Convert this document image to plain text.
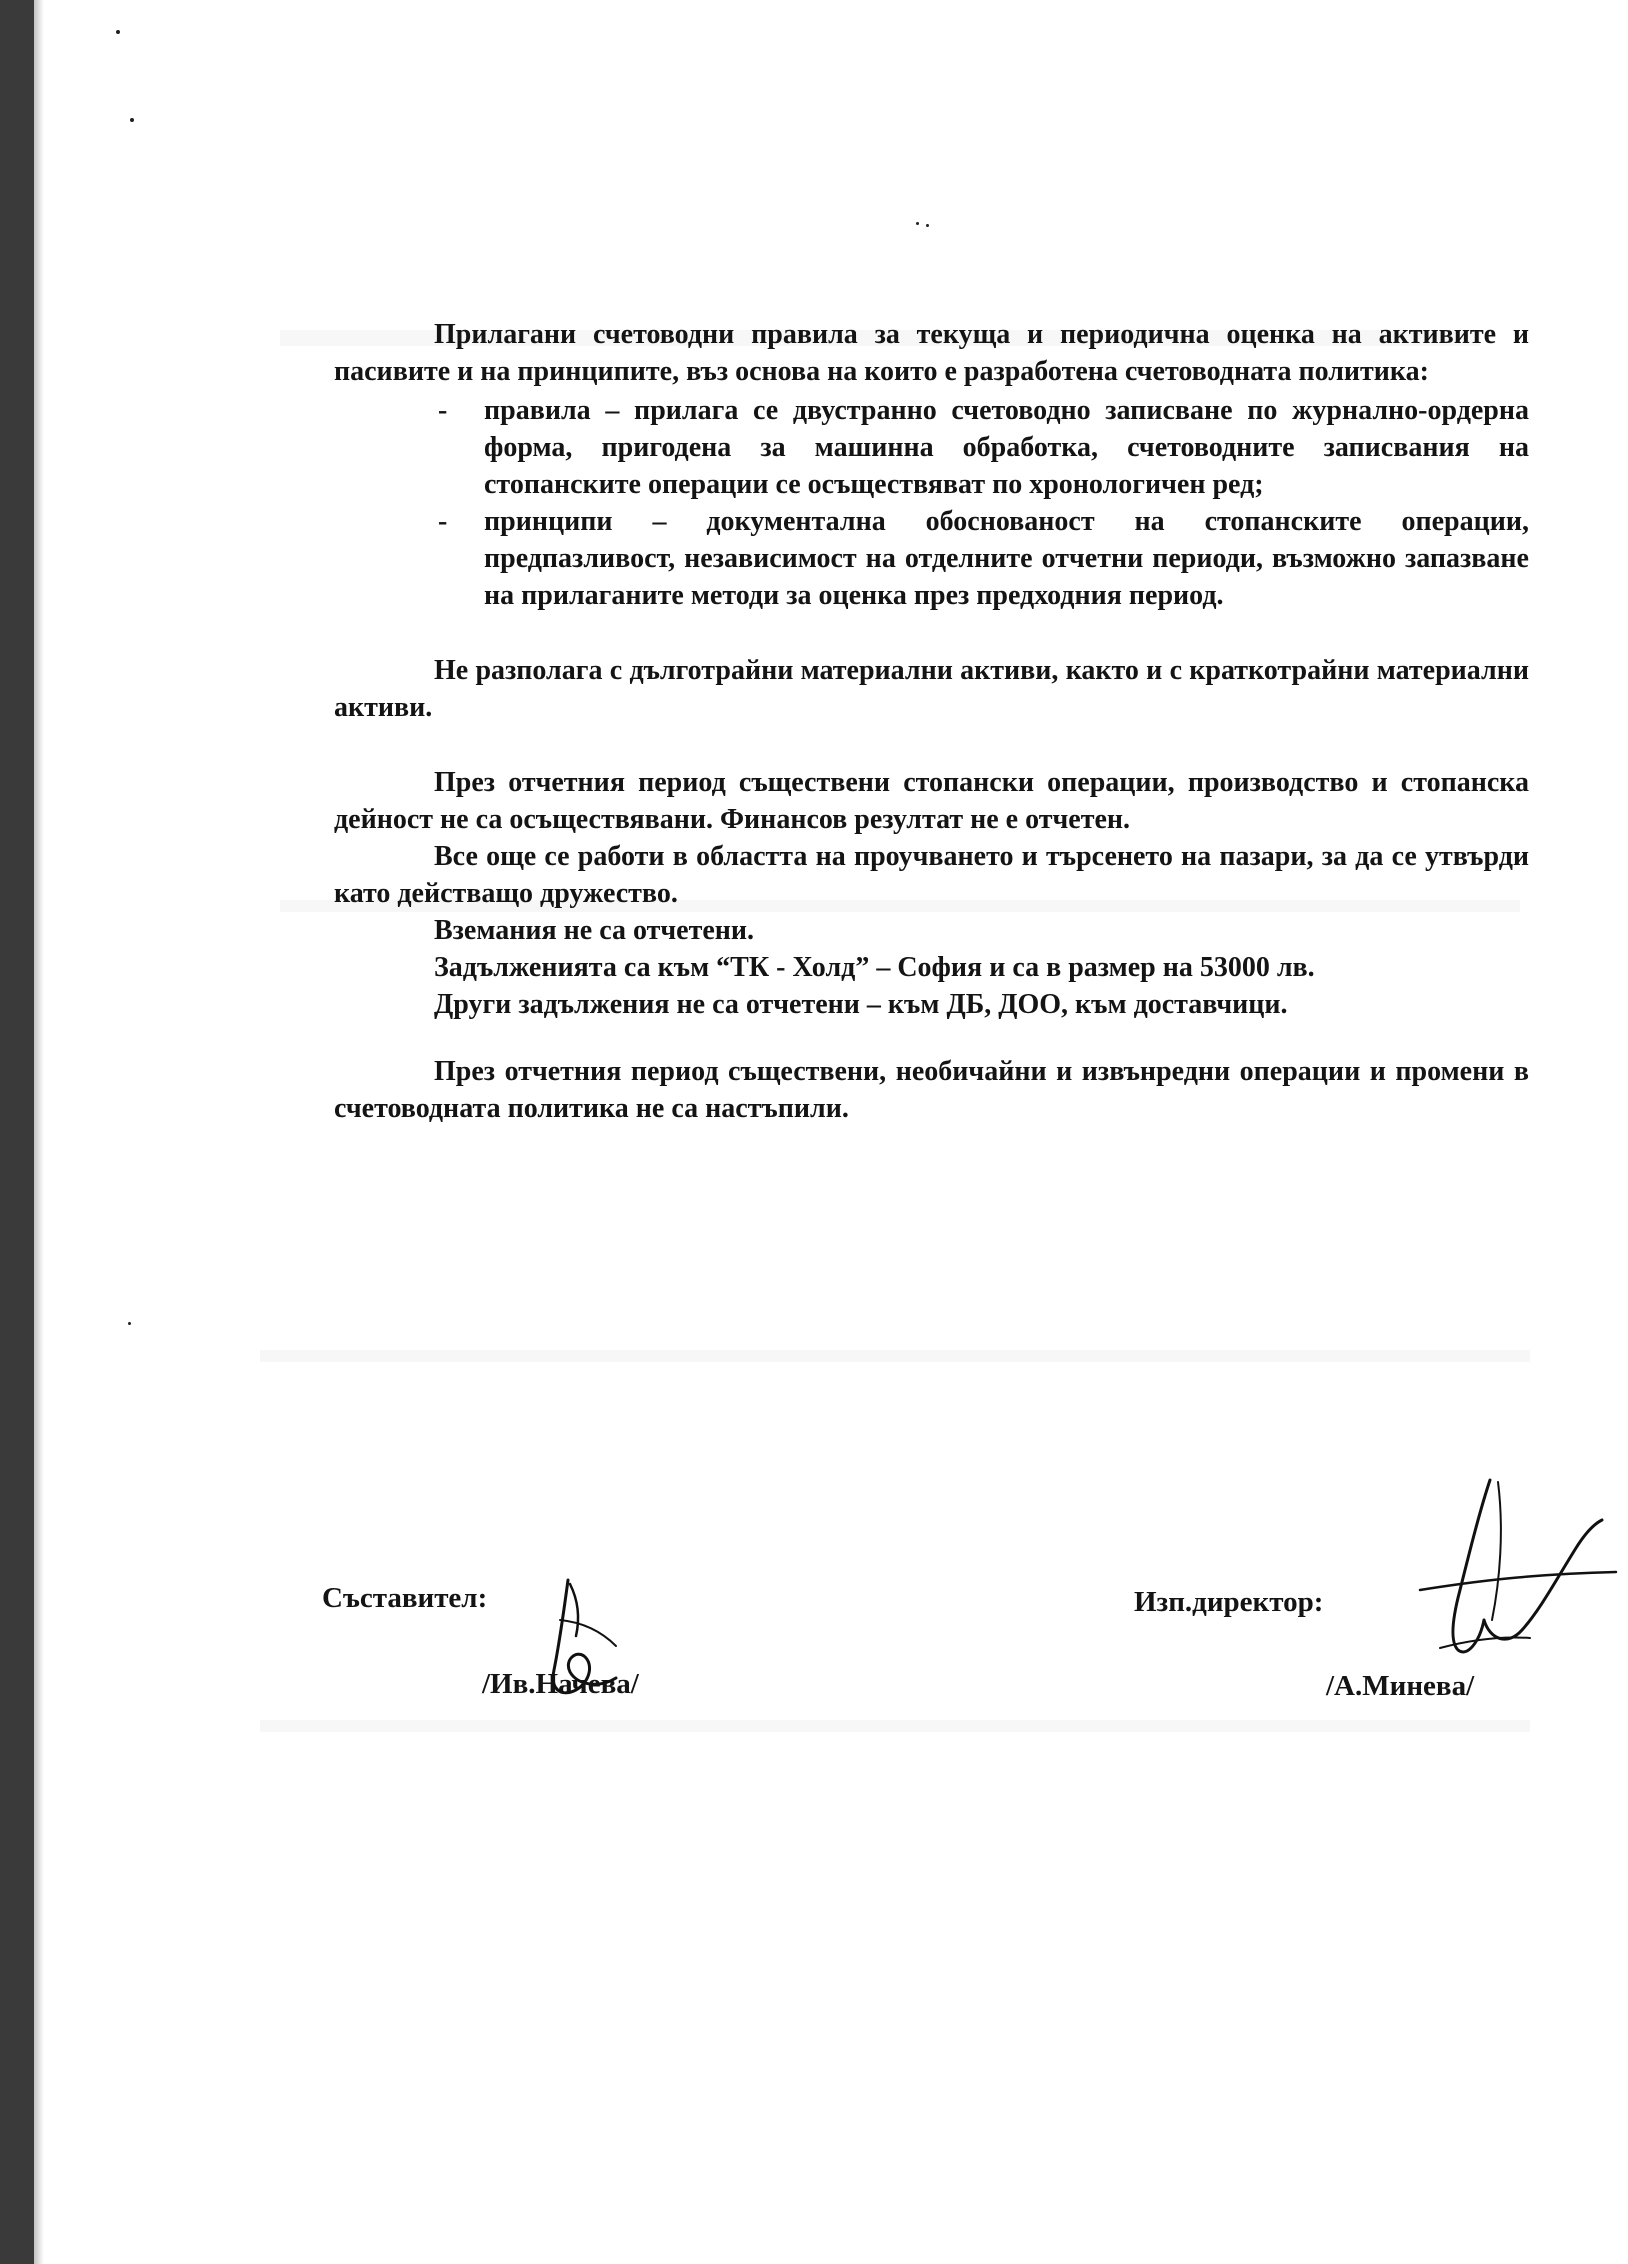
Прилагани счетоводни правила за текуща и периодична оценка на активите и пасивите и на принципите, въз основа на които е разработена счетоводната политика:

- правила – прилага се двустранно счетоводно записване по журнално-ордерна форма, пригодена за машинна обработка, счетоводните записвания на стопанските операции се осъществяват по хронологичен ред;
- принципи – документална обоснованост на стопанските операции, предпазливост, независимост на отделните отчетни периоди, възможно запазване на прилаганите методи за оценка през предходния период.

Не разполага с дълготрайни материални активи, както и с краткотрайни материални активи.

През отчетния период съществени стопански операции, производство и стопанска дейност не са осъществявани. Финансов резултат не е отчетен.

Все още се работи в областта на проучването и търсенето на пазари, за да се утвърди като действащо дружество.

Вземания не са отчетени.

Задълженията са към “ТК - Холд” – София и са в размер на 53000 лв.

Други задължения не са отчетени – към ДБ, ДОО, към доставчици.

През отчетния период съществени, необичайни и извънредни операции и промени в счетоводната политика не са настъпили.

Съставител:
/Ив.Начева/
Изп.директор:
/А.Минева/
